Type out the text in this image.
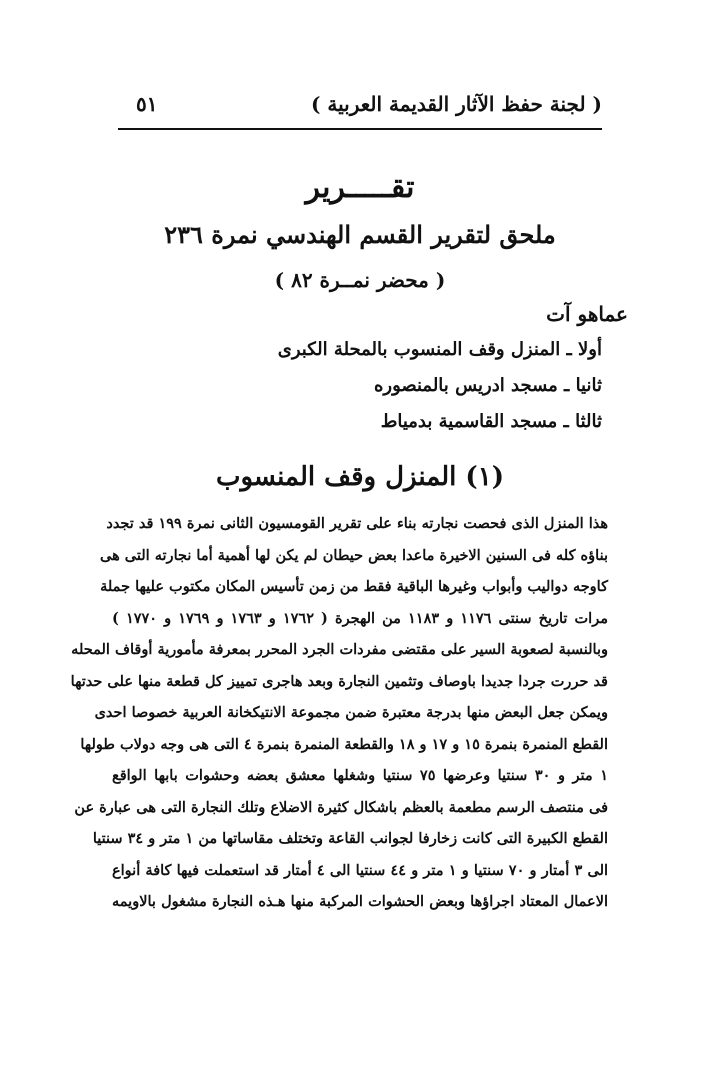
( لجنة حفظ الآثار القديمة العربية )
٥١
تقـــــرير
ملحق لتقرير القسم الهندسي نمرة ٢٣٦
( محضر نمــرة ٨٢ )
عماهو آت
أولا ـ المنزل وقف المنسوب بالمحلة الكبرى
ثانيا ـ مسجد ادريس بالمنصوره
ثالثا ـ مسجد القاسمية بدمياط
(١) المنزل وقف المنسوب
هذا المنزل الذى فحصت نجارته بناء على تقرير القومسيون الثانى نمرة ١٩٩ قد تجدد
بناؤه كله فى السنين الاخيرة ماعدا بعض حيطان لم يكن لها أهمية أما نجارته التى هى
كاوجه دواليب وأبواب وغيرها الباقية فقط من زمن تأسيس المكان مكتوب عليها جملة
مرات تاريخ سنتى ١١٧٦ و ١١٨٣ من الهجرة ( ١٧٦٢ و ١٧٦٣ و ١٧٦٩ و ١٧٧٠ )
وبالنسبة لصعوبة السير على مقتضى مفردات الجرد المحرر بمعرفة مأمورية أوقاف المحله
قد حررت جردا جديدا باوصاف وتثمين النجارة وبعد هاجرى تمييز كل قطعة منها على حدتها
ويمكن جعل البعض منها بدرجة معتبرة ضمن مجموعة الانتيكخانة العربية خصوصا احدى
القطع المنمرة بنمرة ١٥ و ١٧ و ١٨ والقطعة المنمرة بنمرة ٤ التى هى وجه دولاب طولها
١ متر و ٣٠ سنتيا وعرضها ٧٥ سنتيا وشغلها معشق بعضه وحشوات بابها الواقع
فى منتصف الرسم مطعمة بالعظم باشكال كثيرة الاضلاع وتلك النجارة التى هى عبارة عن
القطع الكبيرة التى كانت زخارفا لجوانب القاعة وتختلف مقاساتها من ١ متر و ٣٤ سنتيا
الى ٣ أمتار و ٧٠ سنتيا و ١ متر و ٤٤ سنتيا الى ٤ أمتار قد استعملت فيها كافة أنواع
الاعمال المعتاد اجراؤها وبعض الحشوات المركبة منها هـذه النجارة مشغول بالاويمه
